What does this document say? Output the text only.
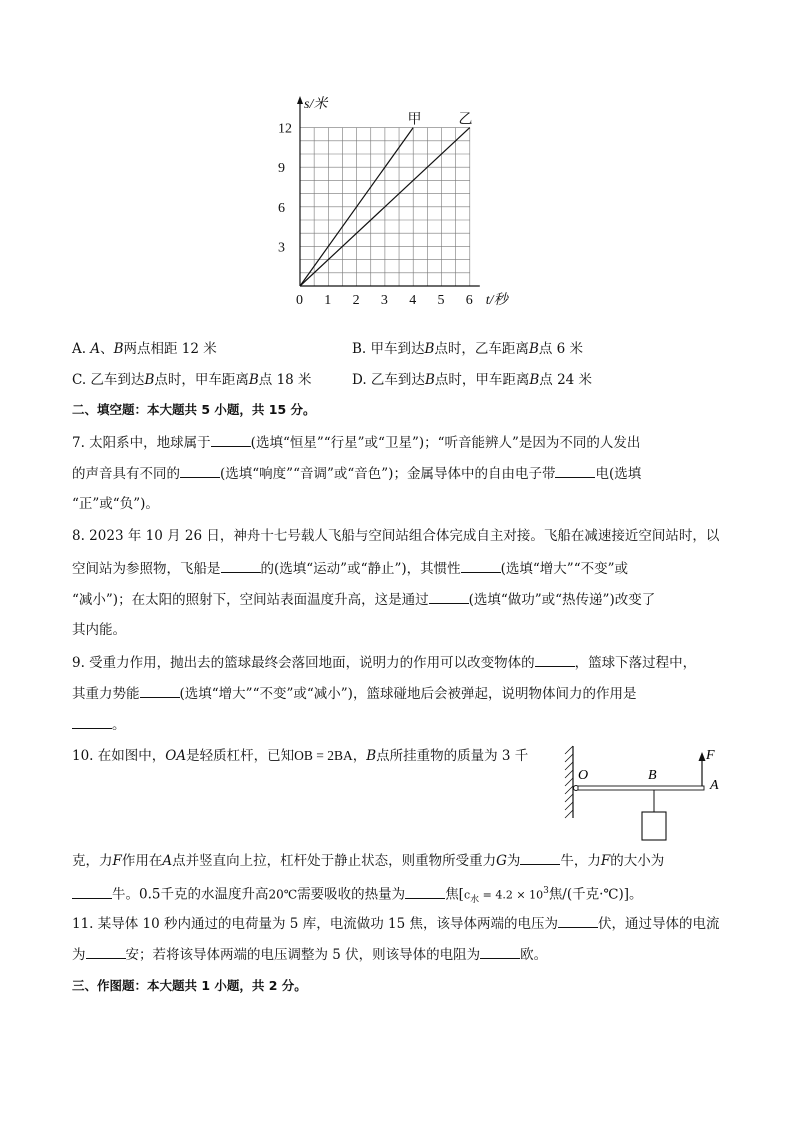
12
9
6
3
0 1 2 3 4 5 6
s/米
t/秒
甲	乙
A. A、B两点相距 12 米	B. 甲车到达B点时，乙车距离B点 6 米
C. 乙车到达B点时，甲车距离B点 18 米	D. 乙车到达B点时，甲车距离B点 24 米
二、填空题：本大题共 5 小题，共 15 分。
7. 太阳系中，地球属于	(选填“恒星”“行星”或“卫星”)；“听音能辨人”是因为不同的人发出
的声音具有不同的	(选填“响度”“音调”或“音色”)；金属导体中的自由电子带	电(选填
“正”或“负”)。
8. 2023 年 10 月 26 日，神舟十七号载人飞船与空间站组合体完成自主对接。飞船在减速接近空间站时，以
空间站为参照物，飞船是	的(选填“运动”或“静止”)，其惯性	(选填“增大”“不变”或
“减小”)；在太阳的照射下，空间站表面温度升高，这是通过	(选填“做功”或“热传递”)改变了
其内能。
9. 受重力作用，抛出去的篮球最终会落回地面，说明力的作用可以改变物体的	，篮球下落过程中，
其重力势能	(选填“增大”“不变”或“减小”)，篮球碰地后会被弹起，说明物体间力的作用是
。
10. 在如图中，OA是轻质杠杆，已知OB = 2BA，B点所挂重物的质量为 3 千
O	B
A
F
克，力F作用在A点并竖直向上拉，杠杆处于静止状态，则重物所受重力G为	牛，力F的大小为
牛。0.5千克的水温度升高20℃需要吸收的热量为	焦[$c_水 = 4.2 \times 10^3$焦/(千克·℃)]。
11. 某导体 10 秒内通过的电荷量为 5 库，电流做功 15 焦，该导体两端的电压为	伏，通过导体的电流
为	安；若将该导体两端的电压调整为 5 伏，则该导体的电阻为	欧。
三、作图题：本大题共 1 小题，共 2 分。
